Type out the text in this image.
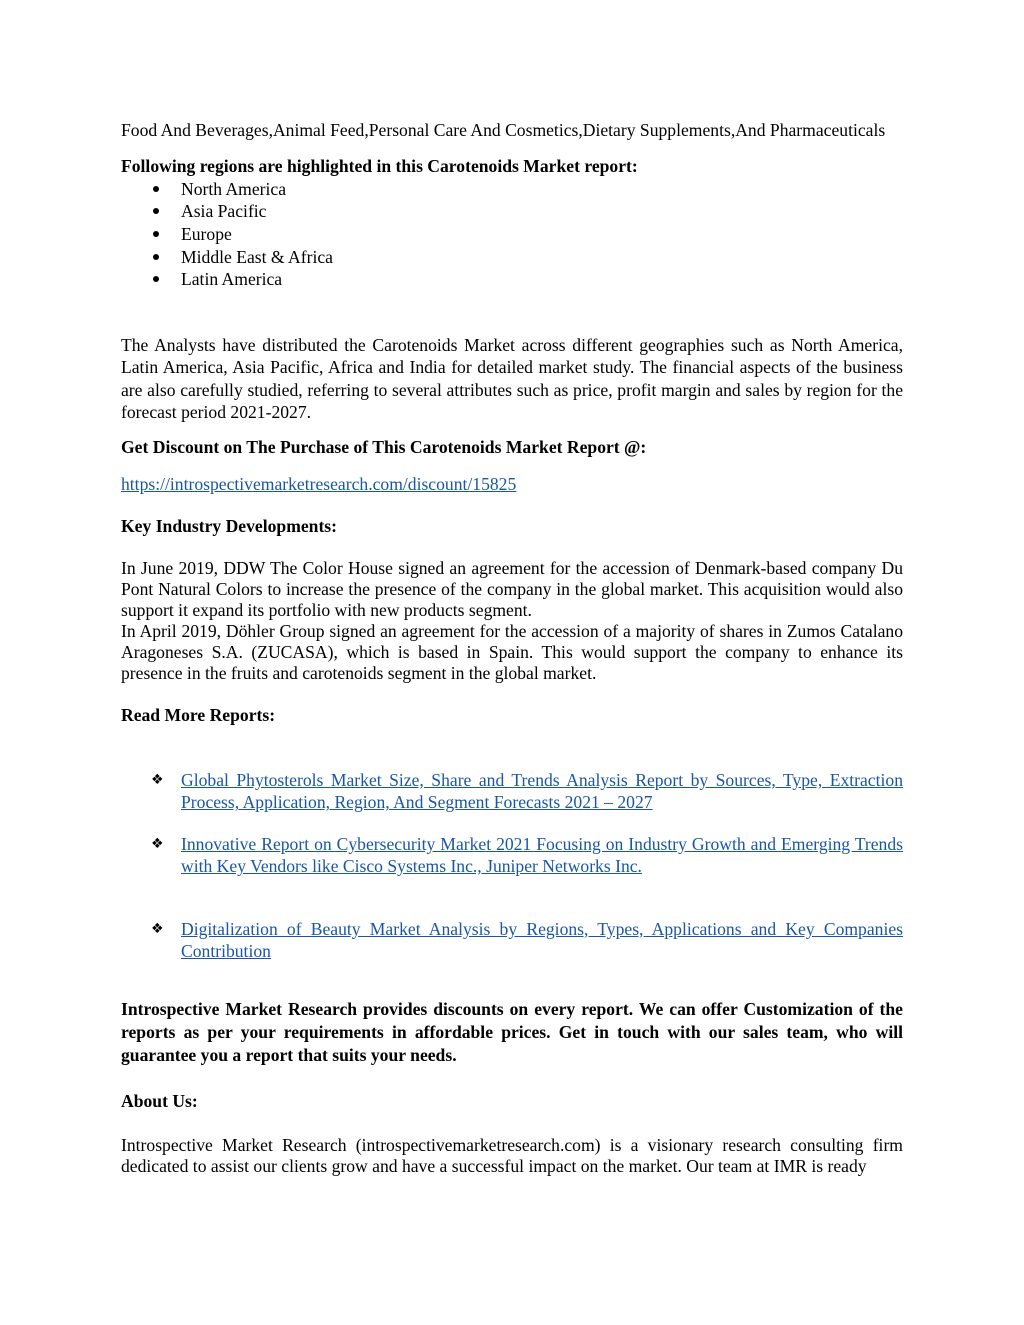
Food And Beverages,Animal Feed,Personal Care And Cosmetics,Dietary Supplements,And Pharmaceuticals

Following regions are highlighted in this Carotenoids Market report:

North America
Asia Pacific
Europe
Middle East & Africa
Latin America

The Analysts have distributed the Carotenoids Market across different geographies such as North America, Latin America, Asia Pacific, Africa and India for detailed market study. The financial aspects of the business are also carefully studied, referring to several attributes such as price, profit margin and sales by region for the forecast period 2021-2027.

Get Discount on The Purchase of This Carotenoids Market Report @:

https://introspectivemarketresearch.com/discount/15825

Key Industry Developments:

In June 2019, DDW The Color House signed an agreement for the accession of Denmark-based company Du Pont Natural Colors to increase the presence of the company in the global market. This acquisition would also support it expand its portfolio with new products segment.

In April 2019, Döhler Group signed an agreement for the accession of a majority of shares in Zumos Catalano Aragoneses S.A. (ZUCASA), which is based in Spain. This would support the company to enhance its presence in the fruits and carotenoids segment in the global market.

Read More Reports:

❖ Global Phytosterols Market Size, Share and Trends Analysis Report by Sources, Type, Extraction Process, Application, Region, And Segment Forecasts 2021 – 2027
❖ Innovative Report on Cybersecurity Market 2021 Focusing on Industry Growth and Emerging Trends with Key Vendors like Cisco Systems Inc., Juniper Networks Inc.
❖ Digitalization of Beauty Market Analysis by Regions, Types, Applications and Key Companies Contribution

Introspective Market Research provides discounts on every report. We can offer Customization of the reports as per your requirements in affordable prices. Get in touch with our sales team, who will guarantee you a report that suits your needs.

About Us:

Introspective Market Research (introspectivemarketresearch.com) is a visionary research consulting firm dedicated to assist our clients grow and have a successful impact on the market. Our team at IMR is ready
